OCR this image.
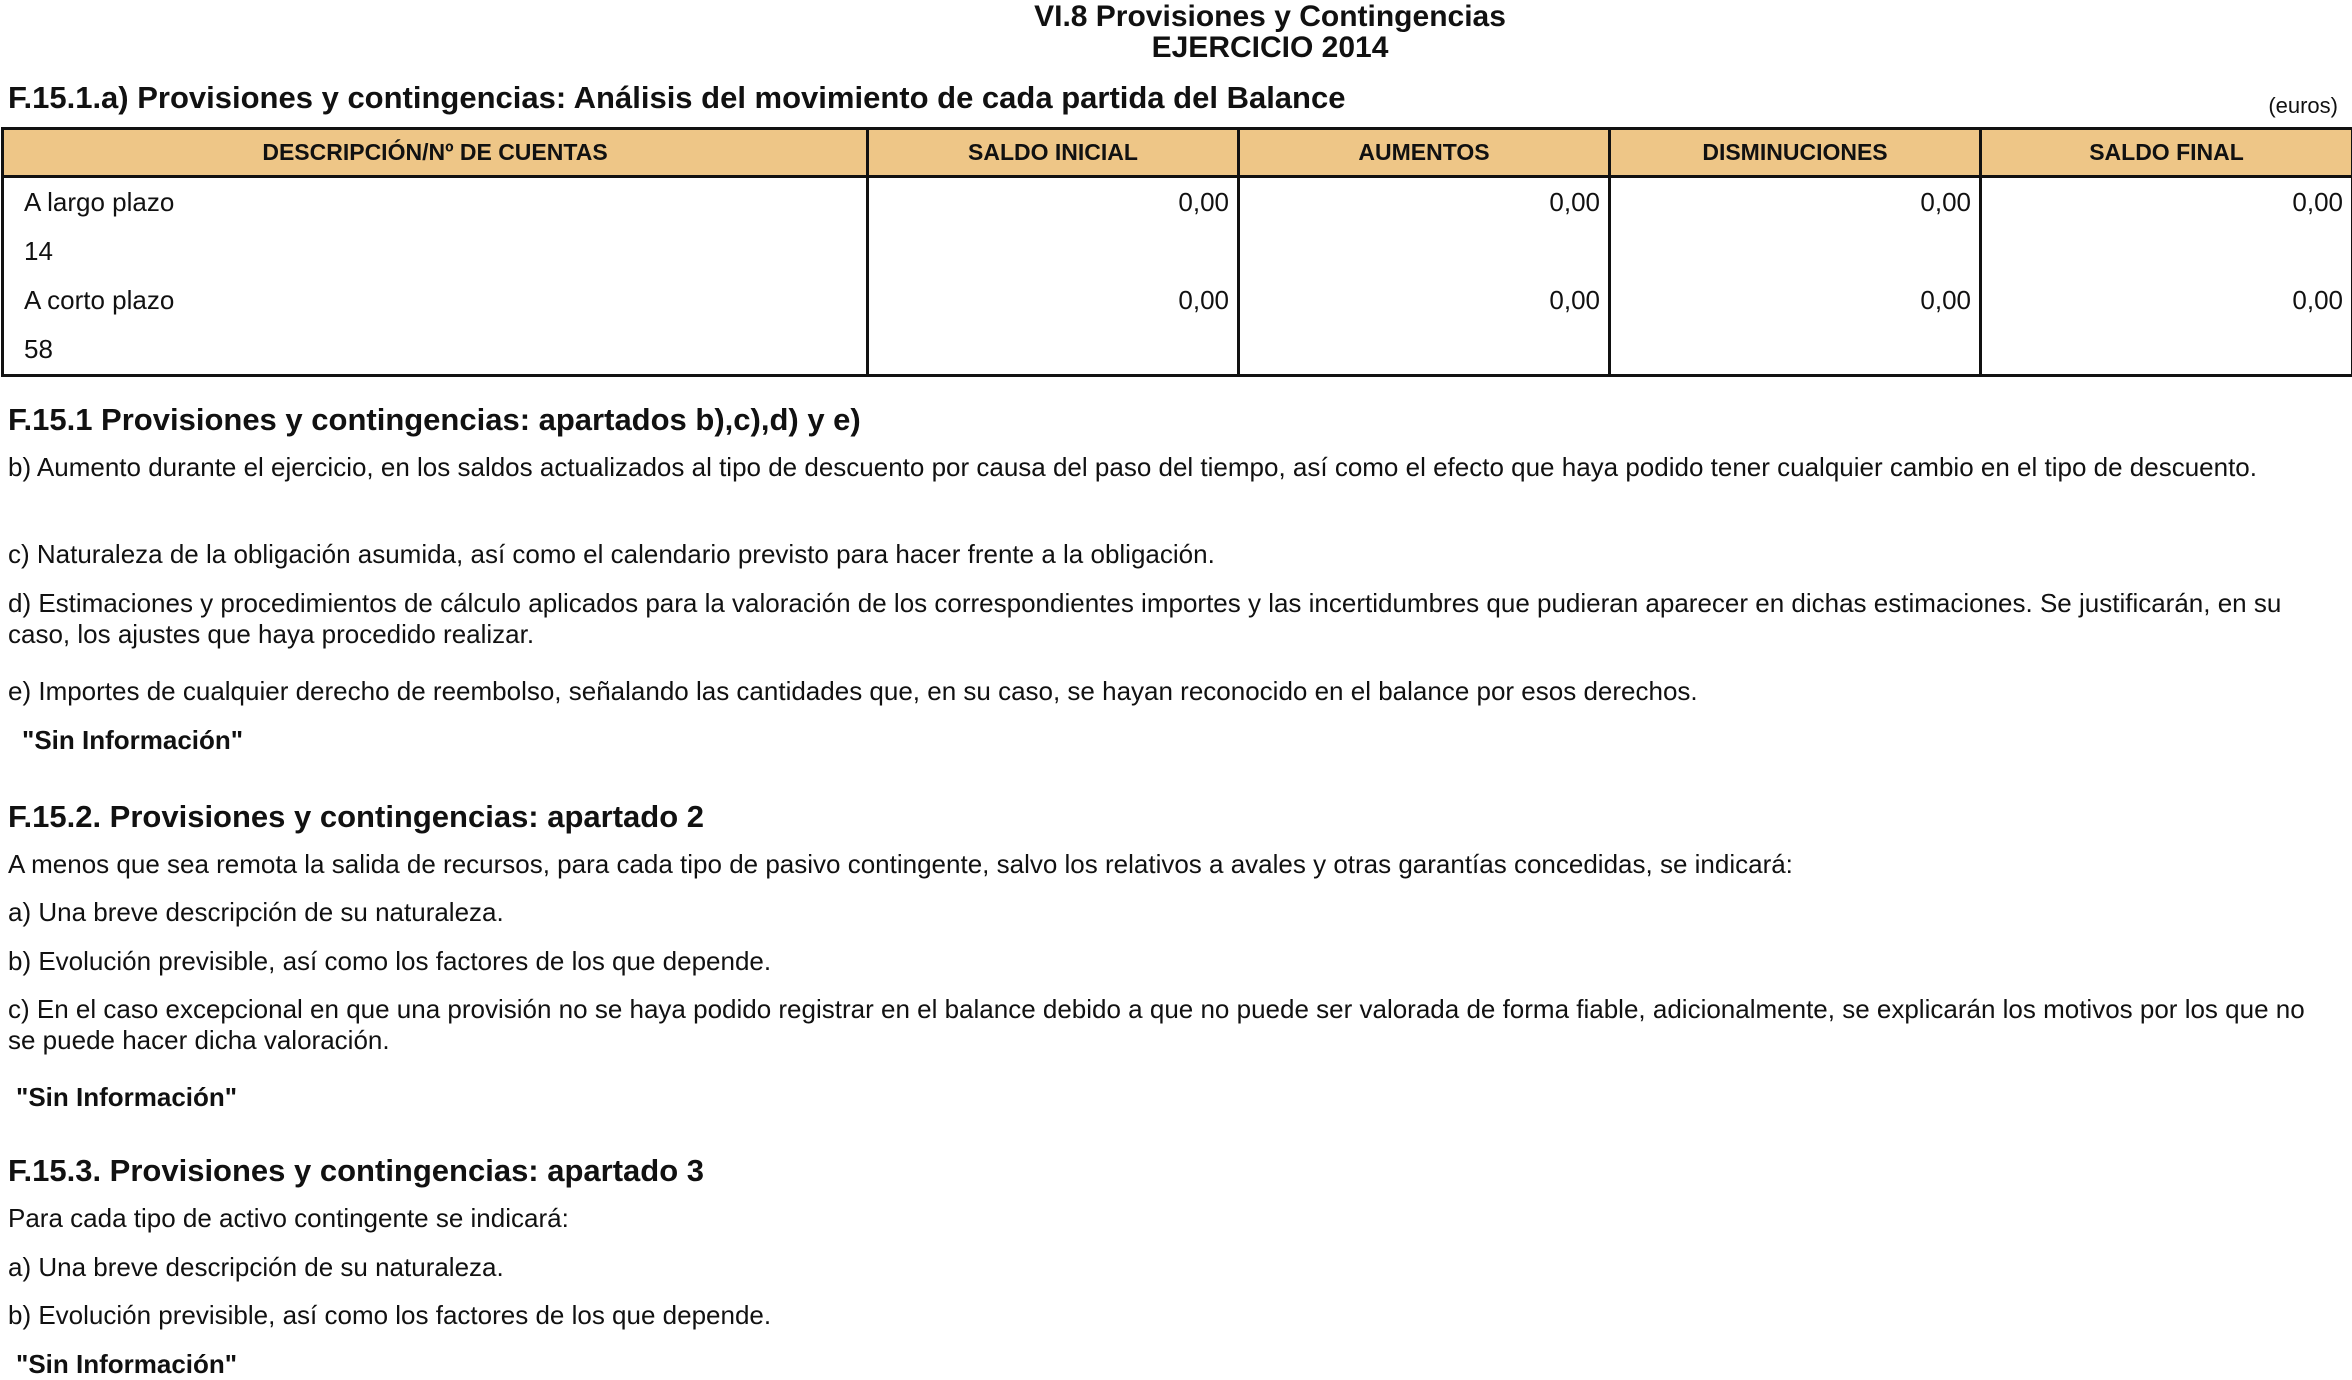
VI.8 Provisiones y Contingencias
EJERCICIO 2014
F.15.1.a) Provisiones y contingencias: Análisis del movimiento de cada partida del Balance	(euros)
DESCRIPCIÓN/Nº DE CUENTAS	SALDO INICIAL	AUMENTOS	DISMINUCIONES	SALDO FINAL
A largo plazo	0,00	0,00	0,00	0,00
14				
A corto plazo	0,00	0,00	0,00	0,00
58				
F.15.1 Provisiones y contingencias: apartados b),c),d) y e)
b) Aumento durante el ejercicio, en los saldos actualizados al tipo de descuento por causa del paso del tiempo, así como el efecto que haya podido tener cualquier cambio en el tipo de descuento.
c) Naturaleza de la obligación asumida, así como el calendario previsto para hacer frente a la obligación.
d) Estimaciones y procedimientos de cálculo aplicados para la valoración de los correspondientes importes y las incertidumbres que pudieran aparecer en dichas estimaciones. Se justificarán, en su caso, los ajustes que haya procedido realizar.
e) Importes de cualquier derecho de reembolso, señalando las cantidades que, en su caso, se hayan reconocido en el balance por esos derechos.
"Sin Información"
F.15.2. Provisiones y contingencias: apartado 2
A menos que sea remota la salida de recursos, para cada tipo de pasivo contingente, salvo los relativos a avales y otras garantías concedidas, se indicará:
a) Una breve descripción de su naturaleza.
b) Evolución previsible, así como los factores de los que depende.
c) En el caso excepcional en que una provisión no se haya podido registrar en el balance debido a que no puede ser valorada de forma fiable, adicionalmente, se explicarán los motivos por los que no se puede hacer dicha valoración.
"Sin Información"
F.15.3. Provisiones y contingencias: apartado 3
Para cada tipo de activo contingente se indicará:
a) Una breve descripción de su naturaleza.
b) Evolución previsible, así como los factores de los que depende.
"Sin Información"
